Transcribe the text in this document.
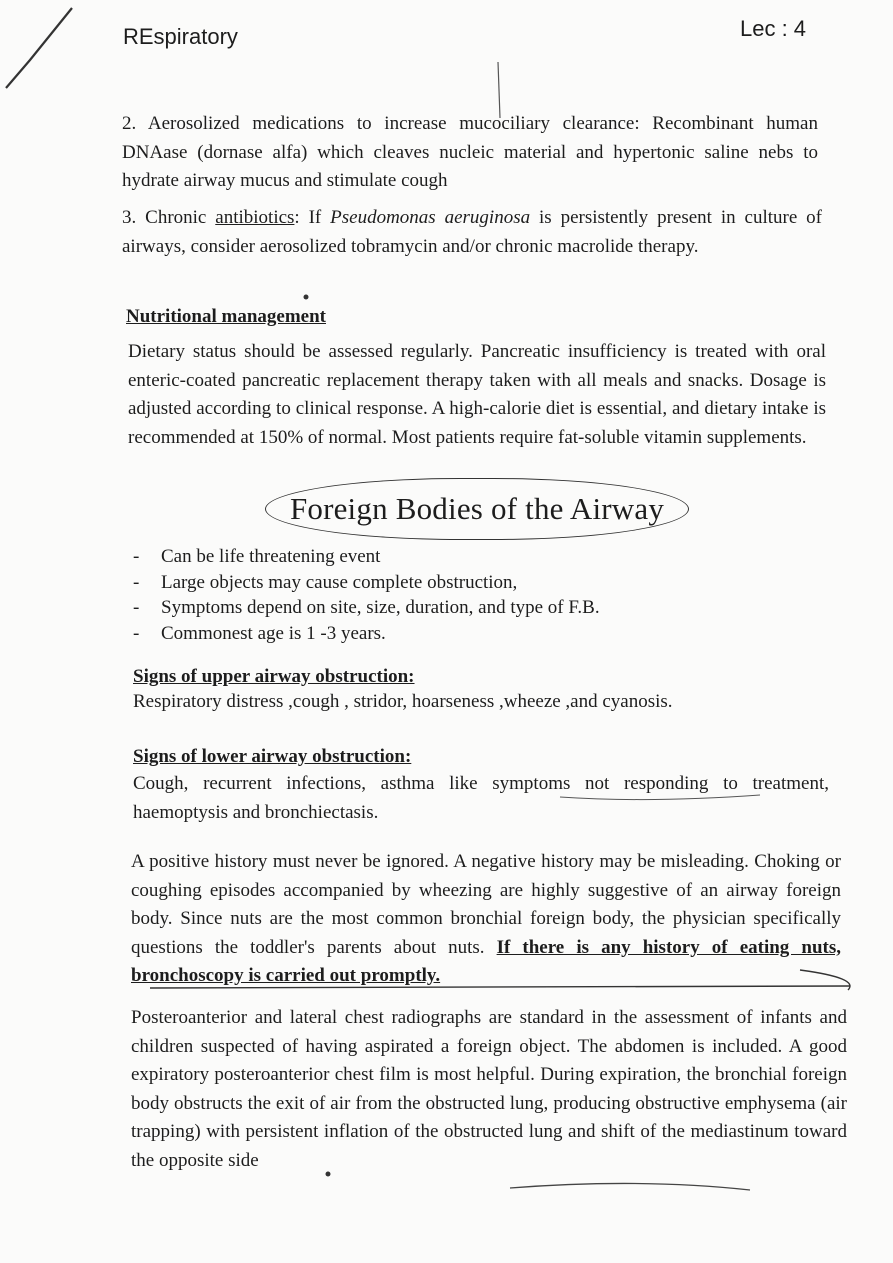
REspiratory	Lec : 4

2. Aerosolized medications to increase mucociliary clearance: Recombinant human DNAase (dornase alfa) which cleaves nucleic material and hypertonic saline nebs to hydrate airway mucus and stimulate cough

3. Chronic antibiotics: If Pseudomonas aeruginosa is persistently present in culture of airways, consider aerosolized tobramycin and/or chronic macrolide therapy.

Nutritional management

Dietary status should be assessed regularly. Pancreatic insufficiency is treated with oral enteric-coated pancreatic replacement therapy taken with all meals and snacks. Dosage is adjusted according to clinical response. A high-calorie diet is essential, and dietary intake is recommended at 150% of normal. Most patients require fat-soluble vitamin supplements.

Foreign Bodies of the Airway
-	Can be life threatening event
-	Large objects may cause complete obstruction,
-	Symptoms depend on site, size, duration, and type of F.B.
-	Commonest age is 1 -3 years.
Signs of upper airway obstruction:
Respiratory distress ,cough , stridor, hoarseness ,wheeze ,and cyanosis.
Signs of lower airway obstruction:
Cough, recurrent infections, asthma like symptoms not responding to treatment, haemoptysis and bronchiectasis.

A positive history must never be ignored. A negative history may be misleading. Choking or coughing episodes accompanied by wheezing are highly suggestive of an airway foreign body. Since nuts are the most common bronchial foreign body, the physician specifically questions the toddler's parents about nuts. If there is any history of eating nuts, bronchoscopy is carried out promptly.

Posteroanterior and lateral chest radiographs are standard in the assessment of infants and children suspected of having aspirated a foreign object. The abdomen is included. A good expiratory posteroanterior chest film is most helpful. During expiration, the bronchial foreign body obstructs the exit of air from the obstructed lung, producing obstructive emphysema (air trapping) with persistent inflation of the obstructed lung and shift of the mediastinum toward the opposite side
